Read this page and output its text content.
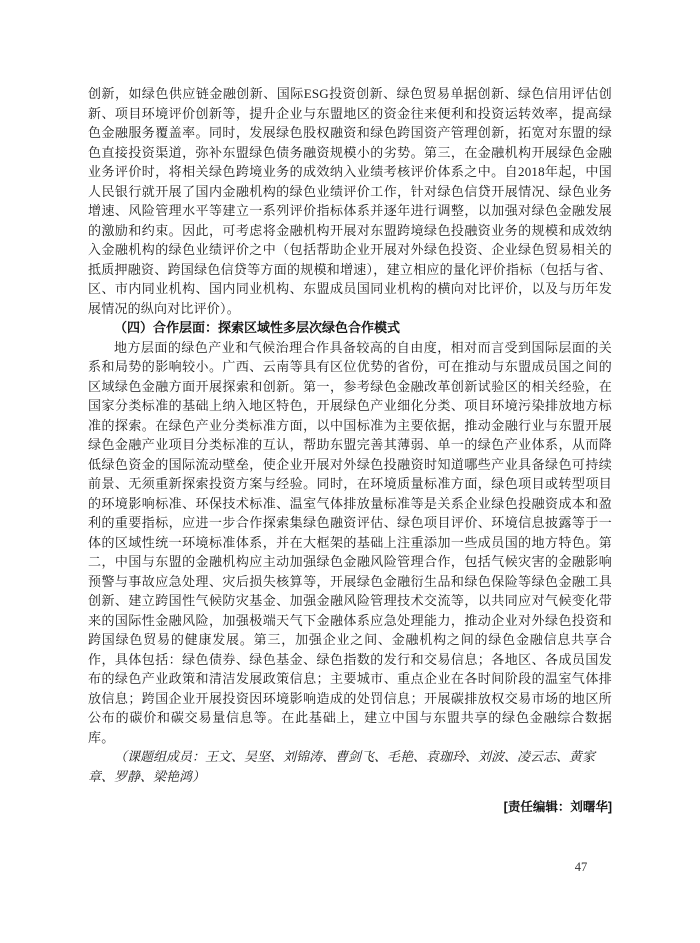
创新，如绿色供应链金融创新、国际ESG投资创新、绿色贸易单据创新、绿色信用评估创新、项目环境评价创新等，提升企业与东盟地区的资金往来便利和投资运转效率，提高绿色金融服务覆盖率。同时，发展绿色股权融资和绿色跨国资产管理创新，拓宽对东盟的绿色直接投资渠道，弥补东盟绿色债务融资规模小的劣势。第三，在金融机构开展绿色金融业务评价时，将相关绿色跨境业务的成效纳入业绩考核评价体系之中。自2018年起，中国人民银行就开展了国内金融机构的绿色业绩评价工作，针对绿色信贷开展情况、绿色业务增速、风险管理水平等建立一系列评价指标体系并逐年进行调整，以加强对绿色金融发展的激励和约束。因此，可考虑将金融机构开展对东盟跨境绿色投融资业务的规模和成效纳入金融机构的绿色业绩评价之中（包括帮助企业开展对外绿色投资、企业绿色贸易相关的抵质押融资、跨国绿色信贷等方面的规模和增速），建立相应的量化评价指标（包括与省、区、市内同业机构、国内同业机构、东盟成员国同业机构的横向对比评价，以及与历年发展情况的纵向对比评价）。

（四）合作层面：探索区域性多层次绿色合作模式

地方层面的绿色产业和气候治理合作具备较高的自由度，相对而言受到国际层面的关系和局势的影响较小。广西、云南等具有区位优势的省份，可在推动与东盟成员国之间的区域绿色金融方面开展探索和创新。第一，参考绿色金融改革创新试验区的相关经验，在国家分类标准的基础上纳入地区特色，开展绿色产业细化分类、项目环境污染排放地方标准的探索。在绿色产业分类标准方面，以中国标准为主要依据，推动金融行业与东盟开展绿色金融产业项目分类标准的互认，帮助东盟完善其薄弱、单一的绿色产业体系，从而降低绿色资金的国际流动壁垒，使企业开展对外绿色投融资时知道哪些产业具备绿色可持续前景、无须重新探索投资方案与经验。同时，在环境质量标准方面，绿色项目或转型项目的环境影响标准、环保技术标准、温室气体排放量标准等是关系企业绿色投融资成本和盈利的重要指标，应进一步合作探索集绿色融资评估、绿色项目评价、环境信息披露等于一体的区域性统一环境标准体系，并在大框架的基础上注重添加一些成员国的地方特色。第二，中国与东盟的金融机构应主动加强绿色金融风险管理合作，包括气候灾害的金融影响预警与事故应急处理、灾后损失核算等，开展绿色金融衍生品和绿色保险等绿色金融工具创新、建立跨国性气候防灾基金、加强金融风险管理技术交流等，以共同应对气候变化带来的国际性金融风险，加强极端天气下金融体系应急处理能力，推动企业对外绿色投资和跨国绿色贸易的健康发展。第三，加强企业之间、金融机构之间的绿色金融信息共享合作，具体包括：绿色债券、绿色基金、绿色指数的发行和交易信息；各地区、各成员国发布的绿色产业政策和清洁发展政策信息；主要城市、重点企业在各时间阶段的温室气体排放信息；跨国企业开展投资因环境影响造成的处罚信息；开展碳排放权交易市场的地区所公布的碳价和碳交易量信息等。在此基础上，建立中国与东盟共享的绿色金融综合数据库。

（课题组成员：王文、吴坚、刘锦涛、曹剑飞、毛艳、袁珈玲、刘波、凌云志、黄家章、罗静、梁艳鸿）

[责任编辑：刘曙华]

47
